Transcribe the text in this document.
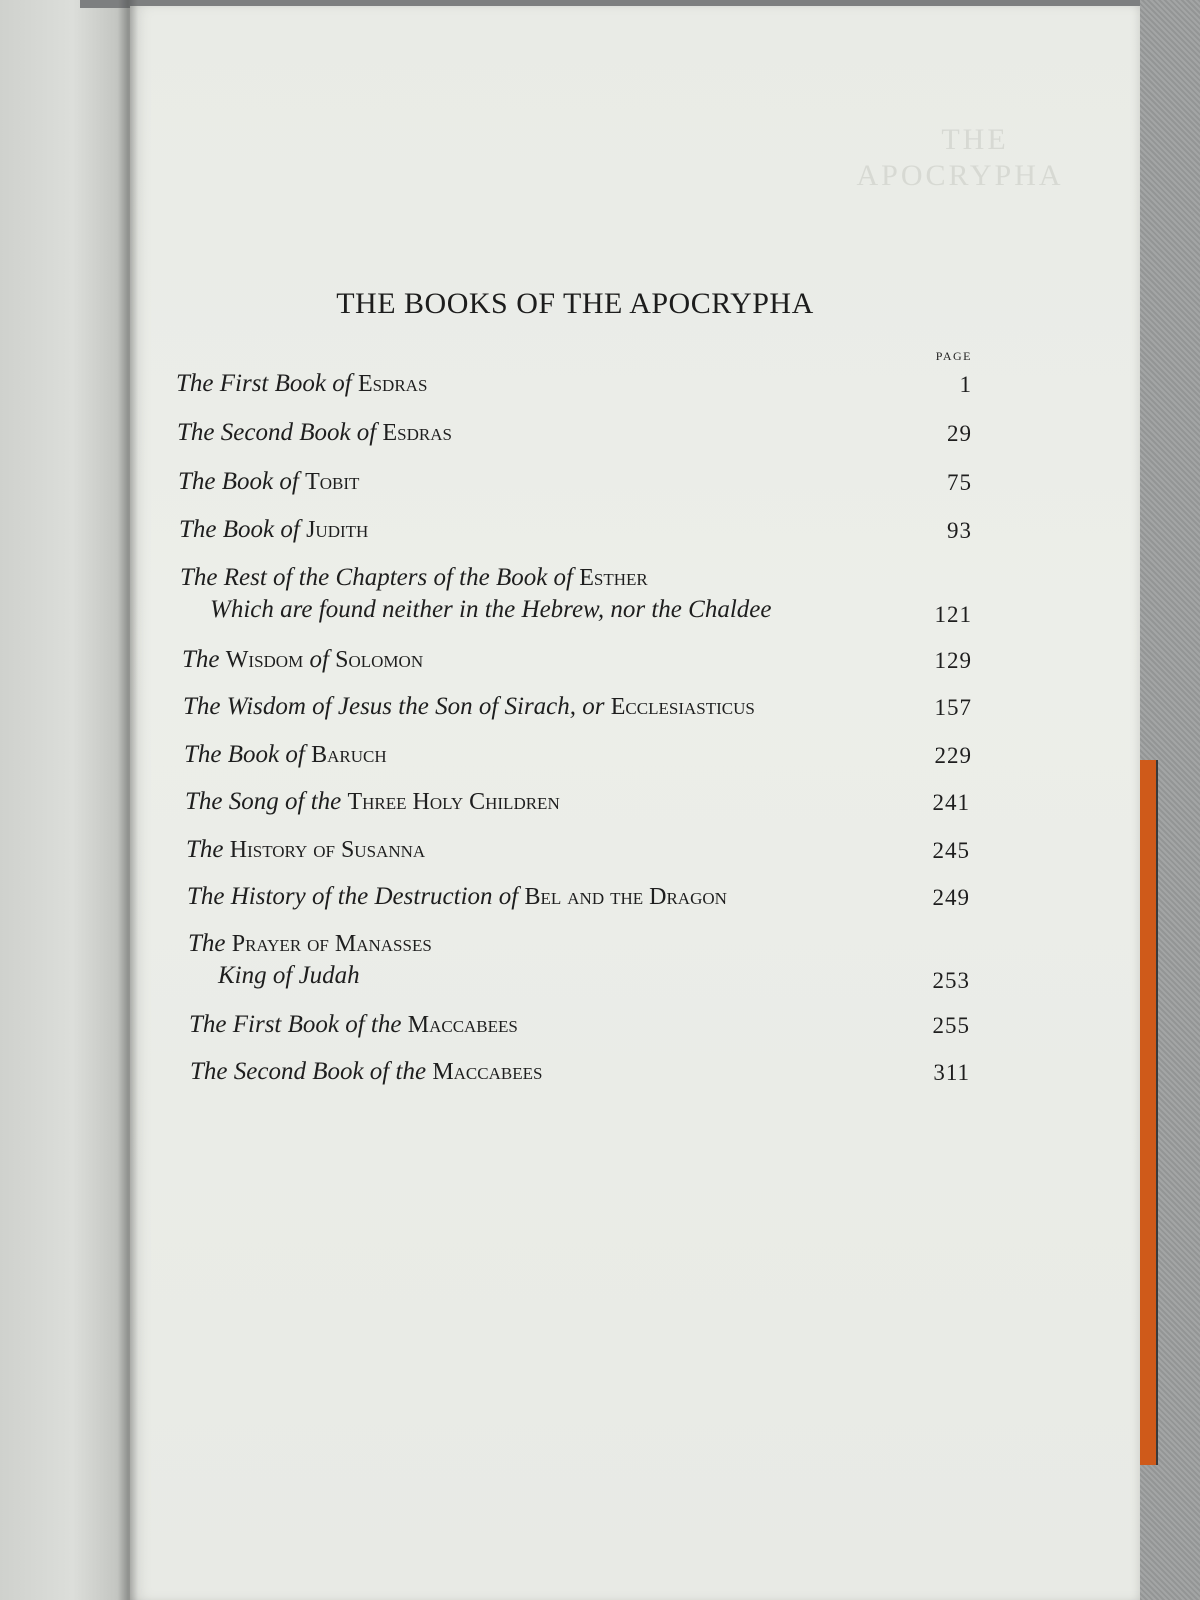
THE
APOCRYPHA
THE BOOKS OF THE APOCRYPHA
PAGE
The First Book of Esdras	1
The Second Book of Esdras	29
The Book of Tobit	75
The Book of Judith	93
The Rest of the Chapters of the Book of Esther
Which are found neither in the Hebrew, nor the Chaldee	121
The Wisdom of Solomon	129
The Wisdom of Jesus the Son of Sirach, or Ecclesiasticus	157
The Book of Baruch	229
The Song of the Three Holy Children	241
The History of Susanna	245
The History of the Destruction of Bel and the Dragon	249
The Prayer of Manasses
King of Judah	253
The First Book of the Maccabees	255
The Second Book of the Maccabees	311
